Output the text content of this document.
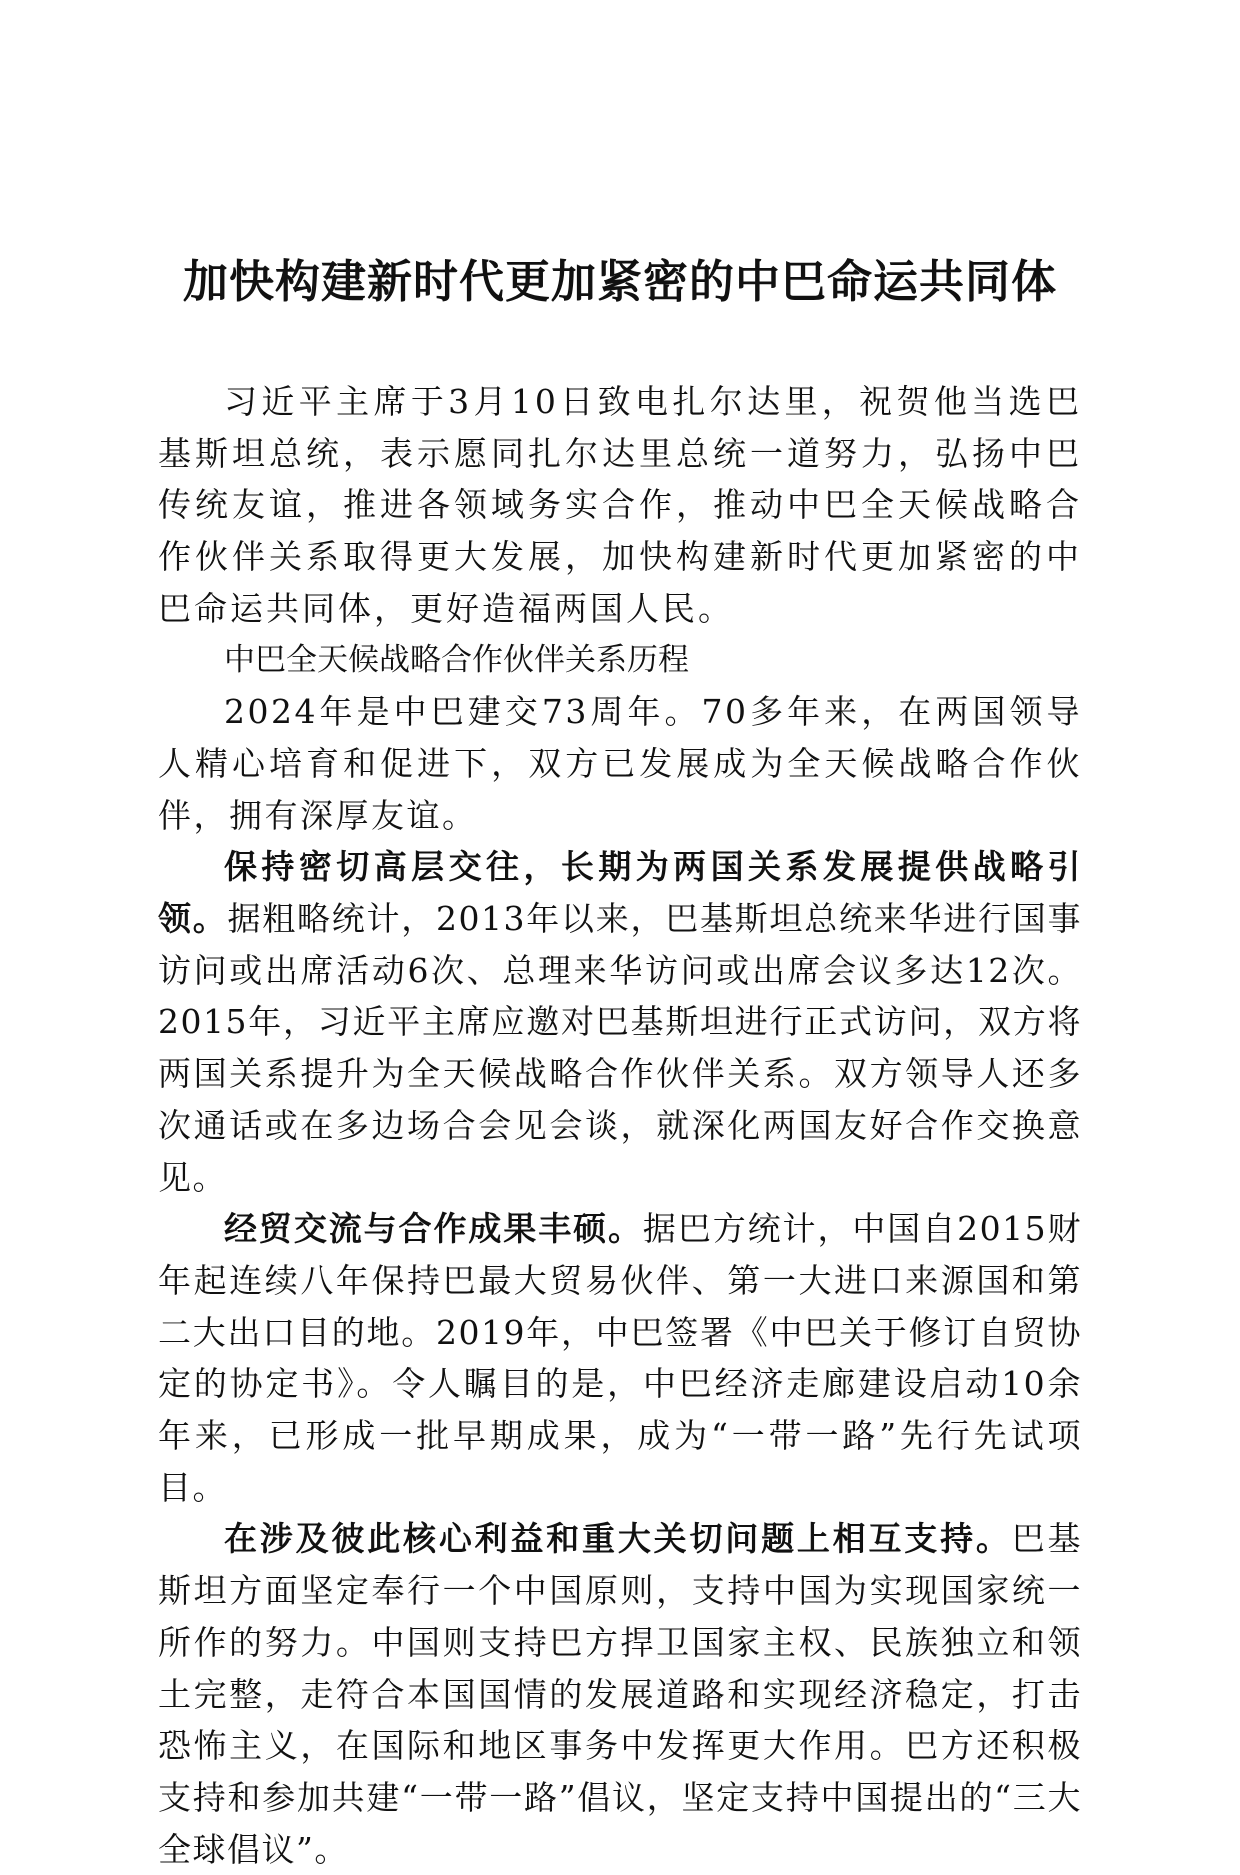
加快构建新时代更加紧密的中巴命运共同体

习近平主席于3月10日致电扎尔达里，祝贺他当选巴基斯坦总统，表示愿同扎尔达里总统一道努力，弘扬中巴传统友谊，推进各领域务实合作，推动中巴全天候战略合作伙伴关系取得更大发展，加快构建新时代更加紧密的中巴命运共同体，更好造福两国人民。

中巴全天候战略合作伙伴关系历程

2024年是中巴建交73周年。70多年来，在两国领导人精心培育和促进下，双方已发展成为全天候战略合作伙伴，拥有深厚友谊。

保持密切高层交往，长期为两国关系发展提供战略引领。据粗略统计，2013年以来，巴基斯坦总统来华进行国事访问或出席活动6次、总理来华访问或出席会议多达12次。2015年，习近平主席应邀对巴基斯坦进行正式访问，双方将两国关系提升为全天候战略合作伙伴关系。双方领导人还多次通话或在多边场合会见会谈，就深化两国友好合作交换意见。

经贸交流与合作成果丰硕。据巴方统计，中国自2015财年起连续八年保持巴最大贸易伙伴、第一大进口来源国和第二大出口目的地。2019年，中巴签署《中巴关于修订自贸协定的协定书》。令人瞩目的是，中巴经济走廊建设启动10余年来，已形成一批早期成果，成为“一带一路”先行先试项目。

在涉及彼此核心利益和重大关切问题上相互支持。巴基斯坦方面坚定奉行一个中国原则，支持中国为实现国家统一所作的努力。中国则支持巴方捍卫国家主权、民族独立和领土完整，走符合本国国情的发展道路和实现经济稳定，打击恐怖主义，在国际和地区事务中发挥更大作用。巴方还积极支持和参加共建“一带一路”倡议，坚定支持中国提出的“三大全球倡议”。
